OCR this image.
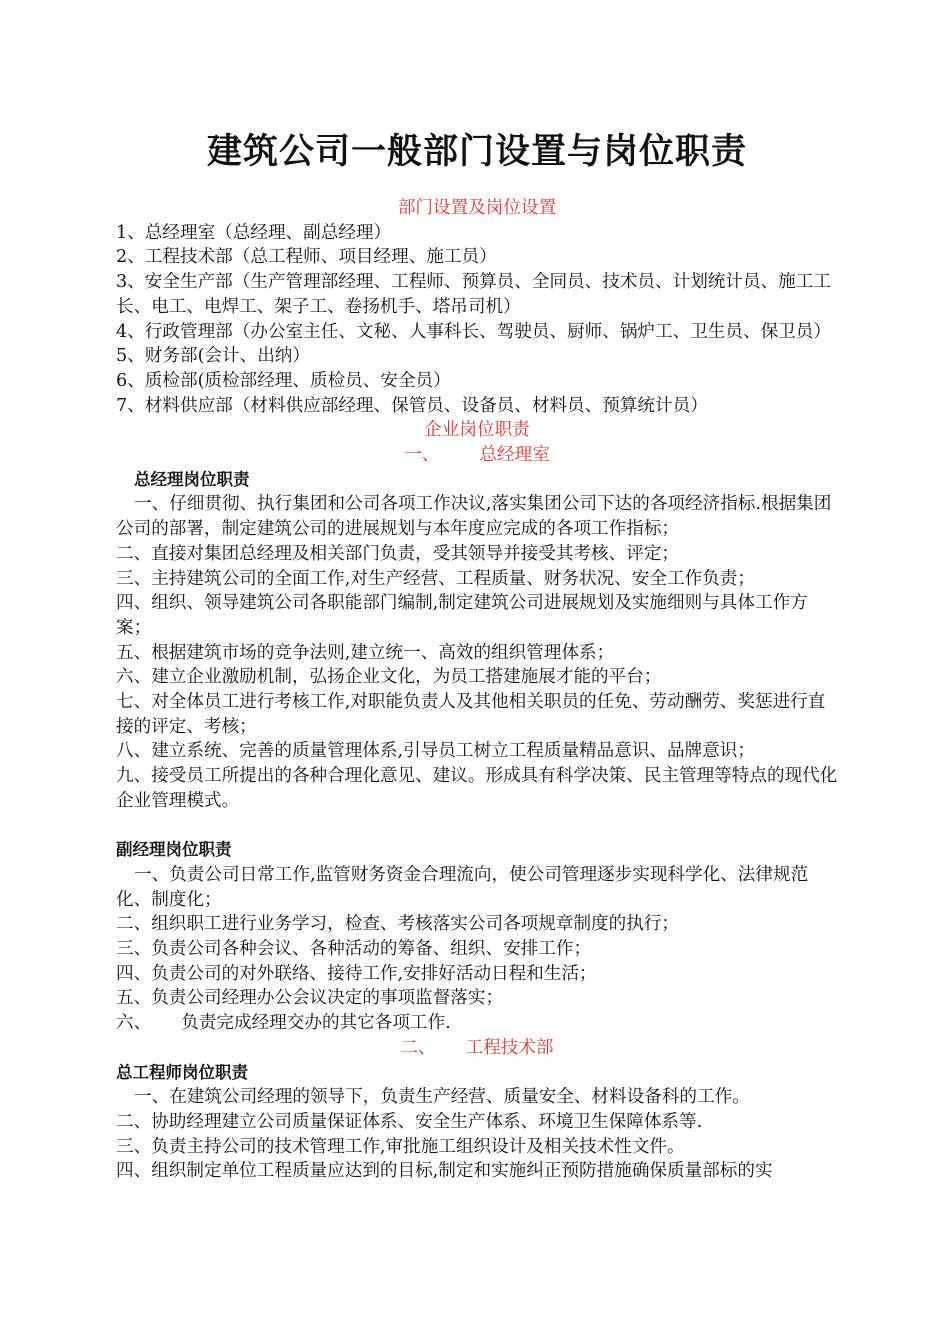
建筑公司一般部门设置与岗位职责
部门设置及岗位设置
1、总经理室（总经理、副总经理）
2、工程技术部（总工程师、项目经理、施工员）
3、安全生产部（生产管理部经理、工程师、预算员、全同员、技术员、计划统计员、施工工长、电工、电焊工、架子工、卷扬机手、塔吊司机）
4、行政管理部（办公室主任、文秘、人事科长、驾驶员、厨师、锅炉工、卫生员、保卫员）
5、财务部(会计、出纳）
6、质检部(质检部经理、质检员、安全员）
7、材料供应部（材料供应部经理、保管员、设备员、材料员、预算统计员）
企业岗位职责
一、 总经理室
总经理岗位职责
一、仔细贯彻、执行集团和公司各项工作决议,落实集团公司下达的各项经济指标.根据集团公司的部署，制定建筑公司的进展规划与本年度应完成的各项工作指标；
二、直接对集团总经理及相关部门负责，受其领导并接受其考核、评定；
三、主持建筑公司的全面工作,对生产经营、工程质量、财务状况、安全工作负责；
四、组织、领导建筑公司各职能部门编制,制定建筑公司进展规划及实施细则与具体工作方案；
五、根据建筑市场的竞争法则,建立统一、高效的组织管理体系；
六、建立企业激励机制，弘扬企业文化，为员工搭建施展才能的平台；
七、对全体员工进行考核工作,对职能负责人及其他相关职员的任免、劳动酬劳、奖惩进行直接的评定、考核；
八、建立系统、完善的质量管理体系,引导员工树立工程质量精品意识、品牌意识；
九、接受员工所提出的各种合理化意见、建议。形成具有科学决策、民主管理等特点的现代化企业管理模式。
副经理岗位职责
一、负责公司日常工作,监管财务资金合理流向，使公司管理逐步实现科学化、法律规范化、制度化；
二、组织职工进行业务学习，检查、考核落实公司各项规章制度的执行；
三、负责公司各种会议、各种活动的筹备、组织、安排工作；
四、负责公司的对外联络、接待工作,安排好活动日程和生活；
五、负责公司经理办公会议决定的事项监督落实；
六、 负责完成经理交办的其它各项工作.
二、 工程技术部
总工程师岗位职责
一、在建筑公司经理的领导下，负责生产经营、质量安全、材料设备科的工作。
二、协助经理建立公司质量保证体系、安全生产体系、环境卫生保障体系等.
三、负责主持公司的技术管理工作,审批施工组织设计及相关技术性文件。
四、组织制定单位工程质量应达到的目标,制定和实施纠正预防措施确保质量部标的实
